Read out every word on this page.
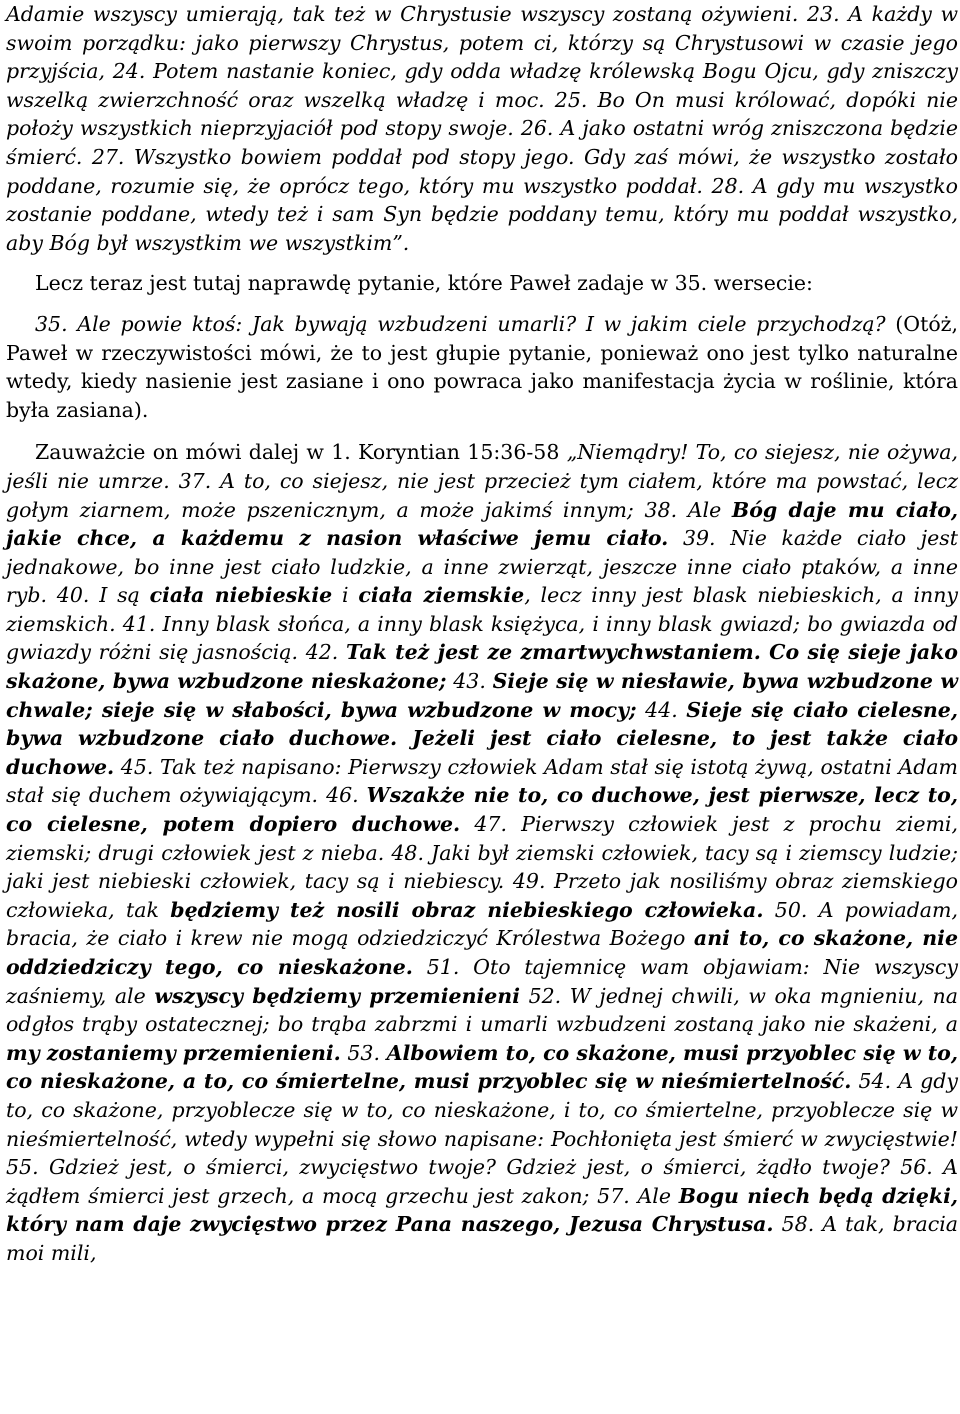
Adamie wszyscy umierają, tak też w Chrystusie wszyscy zostaną ożywieni. 23. A każdy w swoim porządku: jako pierwszy Chrystus, potem ci, którzy są Chrystusowi w czasie jego przyjścia, 24. Potem nastanie koniec, gdy odda władzę królewską Bogu Ojcu, gdy zniszczy wszelką zwierzchność oraz wszelką władzę i moc. 25. Bo On musi królować, dopóki nie położy wszystkich nieprzyjaciół pod stopy swoje. 26. A jako ostatni wróg zniszczona będzie śmierć. 27. Wszystko bowiem poddał pod stopy jego. Gdy zaś mówi, że wszystko zostało poddane, rozumie się, że oprócz tego, który mu wszystko poddał. 28. A gdy mu wszystko zostanie poddane, wtedy też i sam Syn będzie poddany temu, który mu poddał wszystko, aby Bóg był wszystkim we wszystkim”.

Lecz teraz jest tutaj naprawdę pytanie, które Paweł zadaje w 35. wersecie:

35. Ale powie ktoś: Jak bywają wzbudzeni umarli? I w jakim ciele przychodzą? (Otóż, Paweł w rzeczywistości mówi, że to jest głupie pytanie, ponieważ ono jest tylko naturalne wtedy, kiedy nasienie jest zasiane i ono powraca jako manifestacja życia w roślinie, która była zasiana).

Zauważcie on mówi dalej w 1. Koryntian 15:36-58 „Niemądry! To, co siejesz, nie ożywa, jeśli nie umrze. 37. A to, co siejesz, nie jest przecież tym ciałem, które ma powstać, lecz gołym ziarnem, może pszenicznym, a może jakimś innym; 38. Ale Bóg daje mu ciało, jakie chce, a każdemu z nasion właściwe jemu ciało. 39. Nie każde ciało jest jednakowe, bo inne jest ciało ludzkie, a inne zwierząt, jeszcze inne ciało ptaków, a inne ryb. 40. I są ciała niebieskie i ciała ziemskie, lecz inny jest blask niebieskich, a inny ziemskich. 41. Inny blask słońca, a inny blask księżyca, i inny blask gwiazd; bo gwiazda od gwiazdy różni się jasnością. 42. Tak też jest ze zmartwychwstaniem. Co się sieje jako skażone, bywa wzbudzone nieskażone; 43. Sieje się w niesławie, bywa wzbudzone w chwale; sieje się w słabości, bywa wzbudzone w mocy; 44. Sieje się ciało cielesne, bywa wzbudzone ciało duchowe. Jeżeli jest ciało cielesne, to jest także ciało duchowe. 45. Tak też napisano: Pierwszy człowiek Adam stał się istotą żywą, ostatni Adam stał się duchem ożywiającym. 46. Wszakże nie to, co duchowe, jest pierwsze, lecz to, co cielesne, potem dopiero duchowe. 47. Pierwszy człowiek jest z prochu ziemi, ziemski; drugi człowiek jest z nieba. 48. Jaki był ziemski człowiek, tacy są i ziemscy ludzie; jaki jest niebieski człowiek, tacy są i niebiescy. 49. Przeto jak nosiliśmy obraz ziemskiego człowieka, tak będziemy też nosili obraz niebieskiego człowieka. 50. A powiadam, bracia, że ciało i krew nie mogą odziedziczyć Królestwa Bożego ani to, co skażone, nie oddziedziczy tego, co nieskażone. 51. Oto tajemnicę wam objawiam: Nie wszyscy zaśniemy, ale wszyscy będziemy przemienieni 52. W jednej chwili, w oka mgnieniu, na odgłos trąby ostatecznej; bo trąba zabrzmi i umarli wzbudzeni zostaną jako nie skażeni, a my zostaniemy przemienieni. 53. Albowiem to, co skażone, musi przyoblec się w to, co nieskażone, a to, co śmiertelne, musi przyoblec się w nieśmiertelność. 54. A gdy to, co skażone, przyoblecze się w to, co nieskażone, i to, co śmiertelne, przyoblecze się w nieśmiertelność, wtedy wypełni się słowo napisane: Pochłonięta jest śmierć w zwycięstwie! 55. Gdzież jest, o śmierci, zwycięstwo twoje? Gdzież jest, o śmierci, żądło twoje? 56. A żądłem śmierci jest grzech, a mocą grzechu jest zakon; 57. Ale Bogu niech będą dzięki, który nam daje zwycięstwo przez Pana naszego, Jezusa Chrystusa. 58. A tak, bracia moi mili,
